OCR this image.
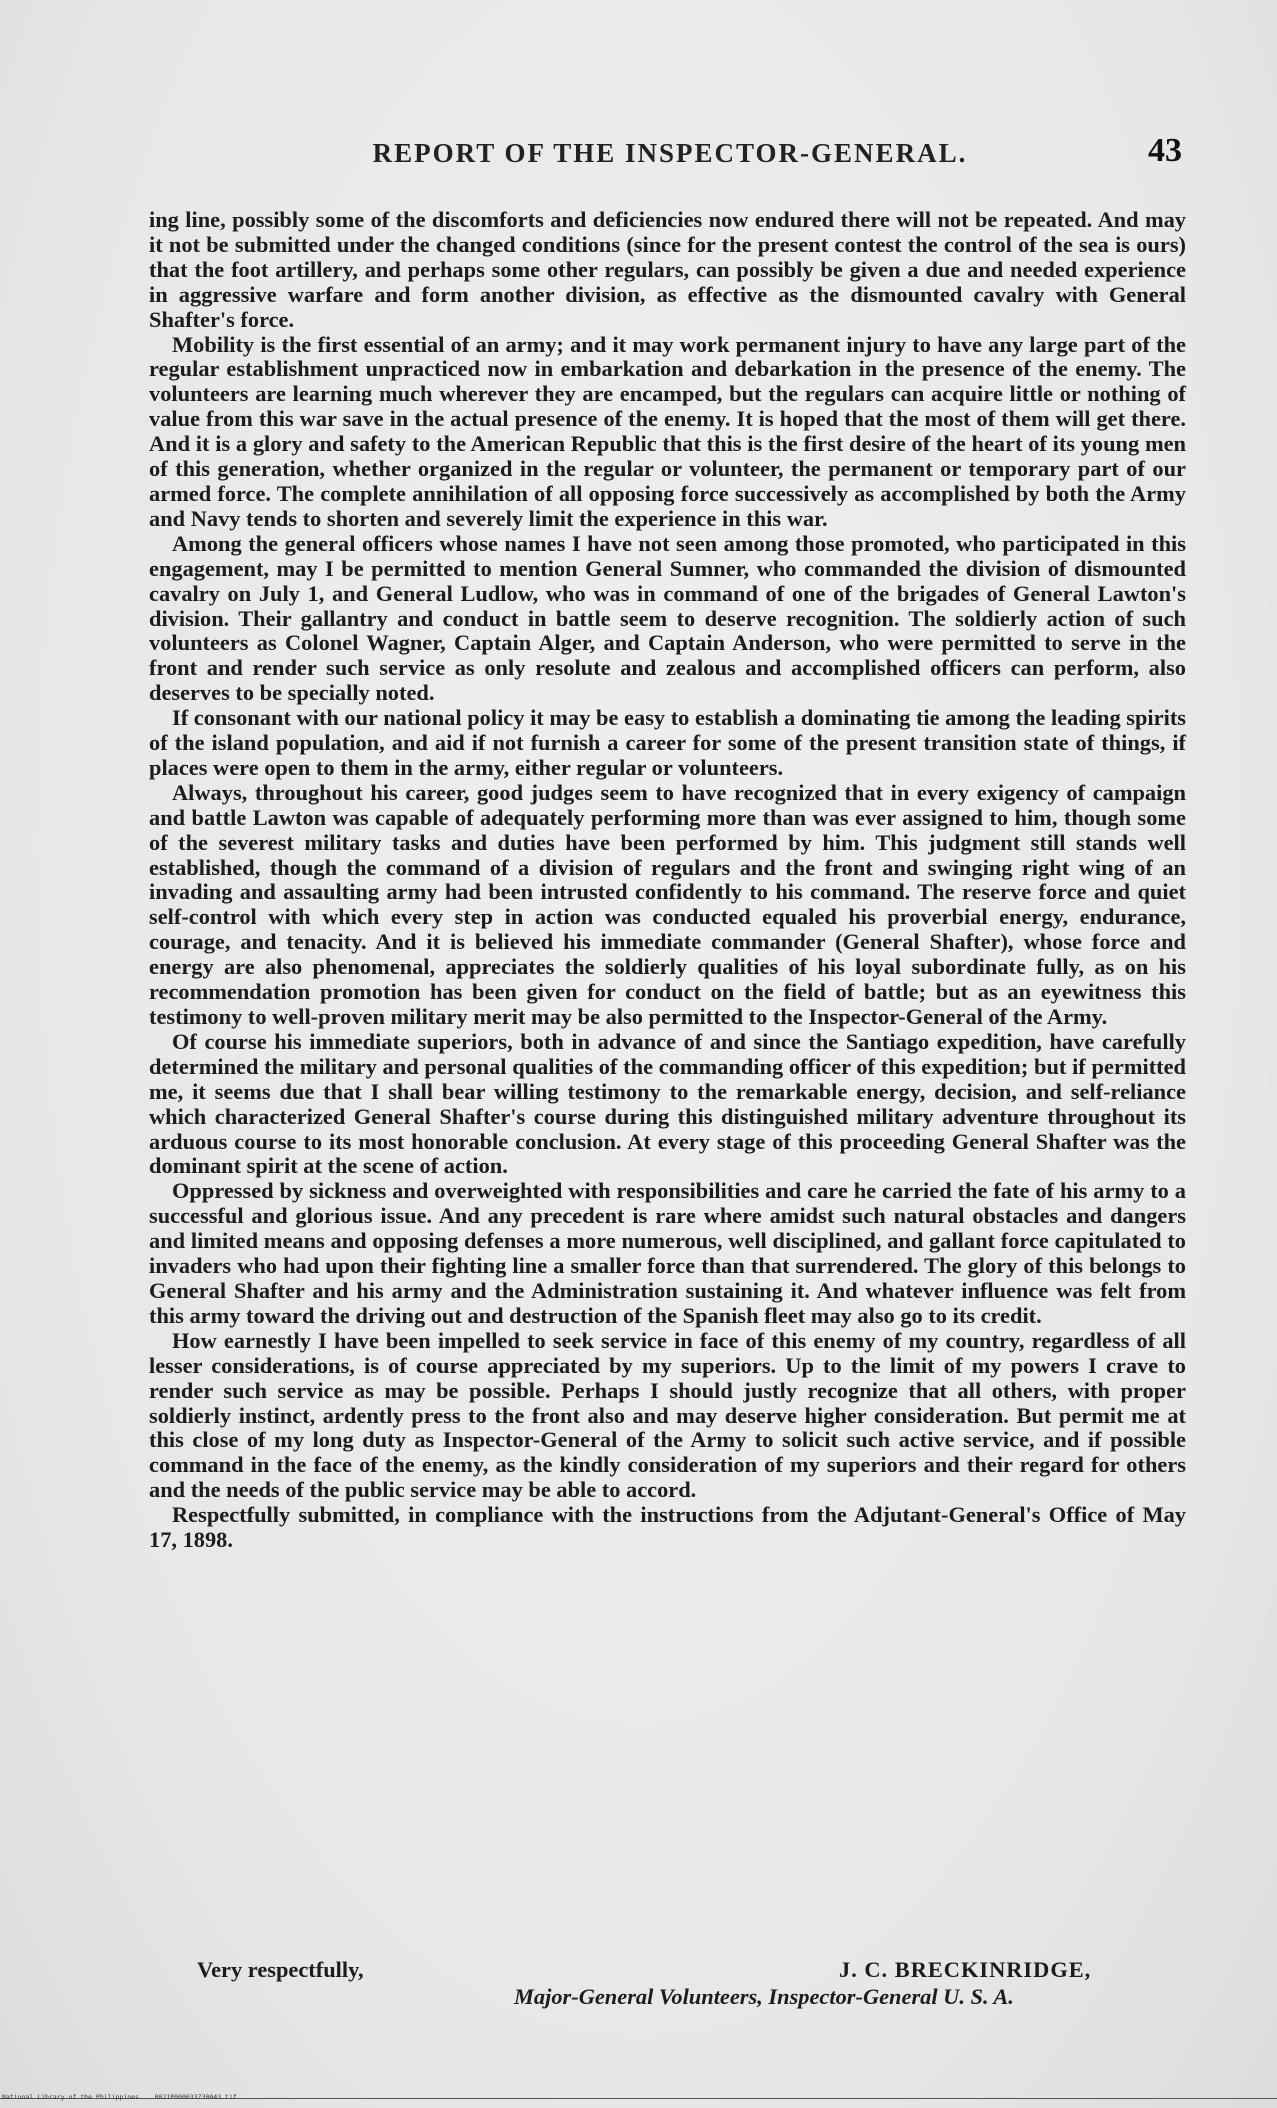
REPORT OF THE INSPECTOR-GENERAL.	43

ing line, possibly some of the discomforts and deficiencies now endured there will not be repeated. And may it not be submitted under the changed conditions (since for the present contest the control of the sea is ours) that the foot artillery, and perhaps some other regulars, can possibly be given a due and needed experience in aggressive warfare and form another division, as effective as the dismounted cavalry with General Shafter's force.

Mobility is the first essential of an army; and it may work permanent injury to have any large part of the regular establishment unpracticed now in embarkation and debarkation in the presence of the enemy. The volunteers are learning much wherever they are encamped, but the regulars can acquire little or nothing of value from this war save in the actual presence of the enemy. It is hoped that the most of them will get there. And it is a glory and safety to the American Republic that this is the first desire of the heart of its young men of this generation, whether organized in the regular or volunteer, the permanent or temporary part of our armed force. The complete annihilation of all opposing force successively as accomplished by both the Army and Navy tends to shorten and severely limit the experience in this war.

Among the general officers whose names I have not seen among those promoted, who participated in this engagement, may I be permitted to mention General Sumner, who commanded the division of dismounted cavalry on July 1, and General Ludlow, who was in command of one of the brigades of General Lawton's division. Their gallantry and conduct in battle seem to deserve recognition. The soldierly action of such volunteers as Colonel Wagner, Captain Alger, and Captain Anderson, who were permitted to serve in the front and render such service as only resolute and zealous and accomplished officers can perform, also deserves to be specially noted.

If consonant with our national policy it may be easy to establish a dominating tie among the leading spirits of the island population, and aid if not furnish a career for some of the present transition state of things, if places were open to them in the army, either regular or volunteers.

Always, throughout his career, good judges seem to have recognized that in every exigency of campaign and battle Lawton was capable of adequately performing more than was ever assigned to him, though some of the severest military tasks and duties have been performed by him. This judgment still stands well established, though the command of a division of regulars and the front and swinging right wing of an invading and assaulting army had been intrusted confidently to his command. The reserve force and quiet self-control with which every step in action was conducted equaled his proverbial energy, endurance, courage, and tenacity. And it is believed his immediate commander (General Shafter), whose force and energy are also phenomenal, appreciates the soldierly qualities of his loyal subordinate fully, as on his recommendation promotion has been given for conduct on the field of battle; but as an eyewitness this testimony to well-proven military merit may be also permitted to the Inspector-General of the Army.

Of course his immediate superiors, both in advance of and since the Santiago expedition, have carefully determined the military and personal qualities of the commanding officer of this expedition; but if permitted me, it seems due that I shall bear willing testimony to the remarkable energy, decision, and self-reliance which characterized General Shafter's course during this distinguished military adventure throughout its arduous course to its most honorable conclusion. At every stage of this proceeding General Shafter was the dominant spirit at the scene of action.

Oppressed by sickness and overweighted with responsibilities and care he carried the fate of his army to a successful and glorious issue. And any precedent is rare where amidst such natural obstacles and dangers and limited means and opposing defenses a more numerous, well disciplined, and gallant force capitulated to invaders who had upon their fighting line a smaller force than that surrendered. The glory of this belongs to General Shafter and his army and the Administration sustaining it. And whatever influence was felt from this army toward the driving out and destruction of the Spanish fleet may also go to its credit.

How earnestly I have been impelled to seek service in face of this enemy of my country, regardless of all lesser considerations, is of course appreciated by my superiors. Up to the limit of my powers I crave to render such service as may be possible. Perhaps I should justly recognize that all others, with proper soldierly instinct, ardently press to the front also and may deserve higher consideration. But permit me at this close of my long duty as Inspector-General of the Army to solicit such active service, and if possible command in the face of the enemy, as the kindly consideration of my superiors and their regard for others and the needs of the public service may be able to accord.

Respectfully submitted, in compliance with the instructions from the Adjutant-General's Office of May 17, 1898.

Very respectfully,	J. C. BRECKINRIDGE,
Major-General Volunteers, Inspector-General U. S. A.
National Library of the Philippines    0021P000033730043.tif
